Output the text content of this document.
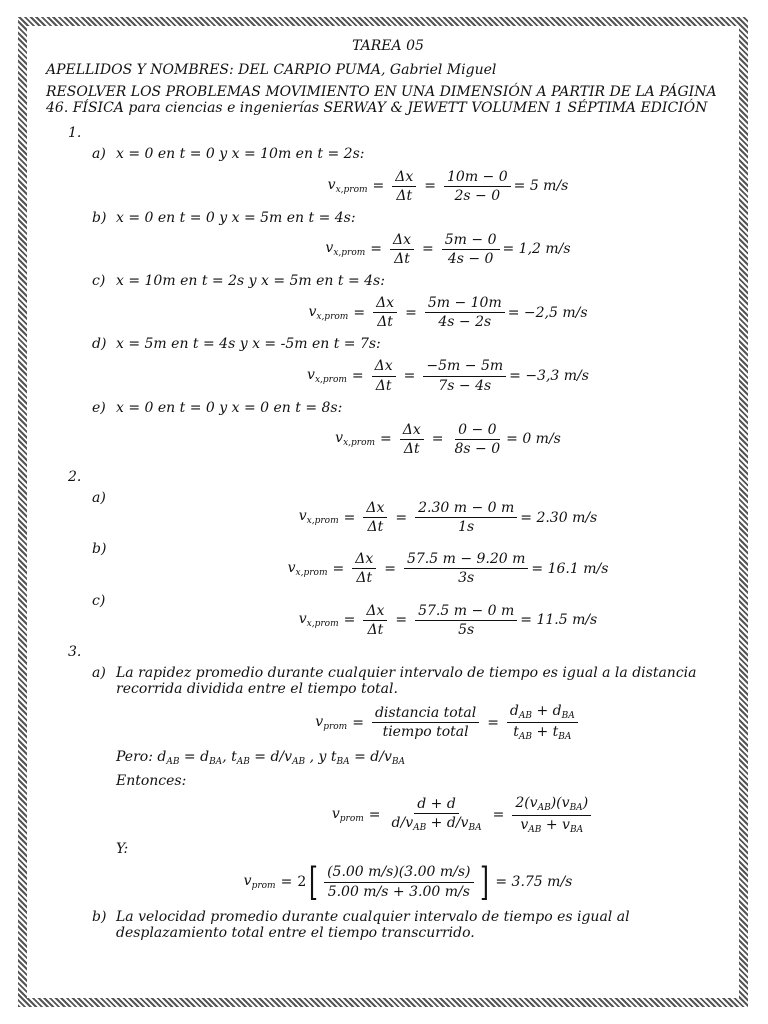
TAREA 05
APELLIDOS Y NOMBRES: DEL CARPIO PUMA, Gabriel Miguel
RESOLVER LOS PROBLEMAS MOVIMIENTO EN UNA DIMENSIÓN A PARTIR DE LA PÁGINA
46. FÍSICA para ciencias e ingenierías SERWAY & JEWETT VOLUMEN 1 SÉPTIMA EDICIÓN
1.
a) x = 0 en t = 0 y x = 10m en t = 2s:
$v_{x,prom} = \frac{\Delta x}{\Delta t} = \frac{10m - 0}{2s - 0} = 5$ m/s
b) x = 0 en t = 0 y x = 5m en t = 4s:
$v_{x,prom} = \frac{\Delta x}{\Delta t} = \frac{5m - 0}{4s - 0} = 1,2$ m/s
c) x = 10m en t = 2s y x = 5m en t = 4s:
$v_{x,prom} = \frac{\Delta x}{\Delta t} = \frac{5m - 10m}{4s - 2s} = -2,5$ m/s
d) x = 5m en t = 4s y x = -5m en t = 7s:
$v_{x,prom} = \frac{\Delta x}{\Delta t} = \frac{-5m - 5m}{7s - 4s} = -3,3$ m/s
e) x = 0 en t = 0 y x = 0 en t = 8s:
$v_{x,prom} = \frac{\Delta x}{\Delta t} = \frac{0 - 0}{8s - 0} = 0$ m/s
2.
a)
$v_{x,prom} = \frac{\Delta x}{\Delta t} = \frac{2.30 m - 0 m}{1s} = 2.30$ m/s
b)
$v_{x,prom} = \frac{\Delta x}{\Delta t} = \frac{57.5 m - 9.20 m}{3s} = 16.1$ m/s
c)
$v_{x,prom} = \frac{\Delta x}{\Delta t} = \frac{57.5 m - 0 m}{5s} = 11.5$ m/s
3.
a) La rapidez promedio durante cualquier intervalo de tiempo es igual a la distancia recorrida dividida entre el tiempo total.
$v_{prom} = \frac{\text{distancia total}}{\text{tiempo total}} = \frac{d_{AB} + d_{BA}}{t_{AB} + t_{BA}}$
Pero: $d_{AB} = d_{BA}$, $t_{AB} = d/v_{AB}$ , y $t_{BA} = d/v_{BA}$
Entonces:
$v_{prom} = \frac{d + d}{d/v_{AB} + d/v_{BA}} = \frac{2(v_{AB})(v_{BA})}{v_{AB} + v_{BA}}$
Y:
$v_{prom} = 2$ [ $\frac{(5.00 m/s)(3.00 m/s)}{5.00 m/s + 3.00 m/s}$ ] = 3.75 m/s
b) La velocidad promedio durante cualquier intervalo de tiempo es igual al desplazamiento total entre el tiempo transcurrido.
